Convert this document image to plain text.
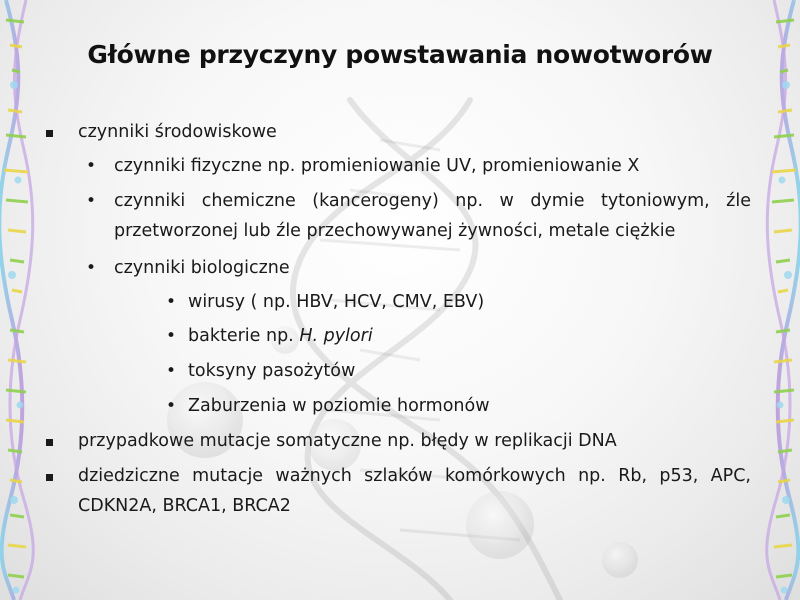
Główne przyczyny powstawania nowotworów
czynniki środowiskowe
•	czynniki fizyczne np. promieniowanie UV, promieniowanie X
•	czynniki chemiczne (kancerogeny) np. w dymie tytoniowym, źle przetworzonej lub źle przechowywanej żywności, metale ciężkie
•	czynniki biologiczne
• wirusy ( np. HBV, HCV, CMV, EBV)
• bakterie np. H. pylori
• toksyny pasożytów
• Zaburzenia w poziomie hormonów
przypadkowe mutacje somatyczne np. błędy w replikacji DNA
dziedziczne mutacje ważnych szlaków komórkowych np. Rb, p53, APC, CDKN2A, BRCA1, BRCA2
